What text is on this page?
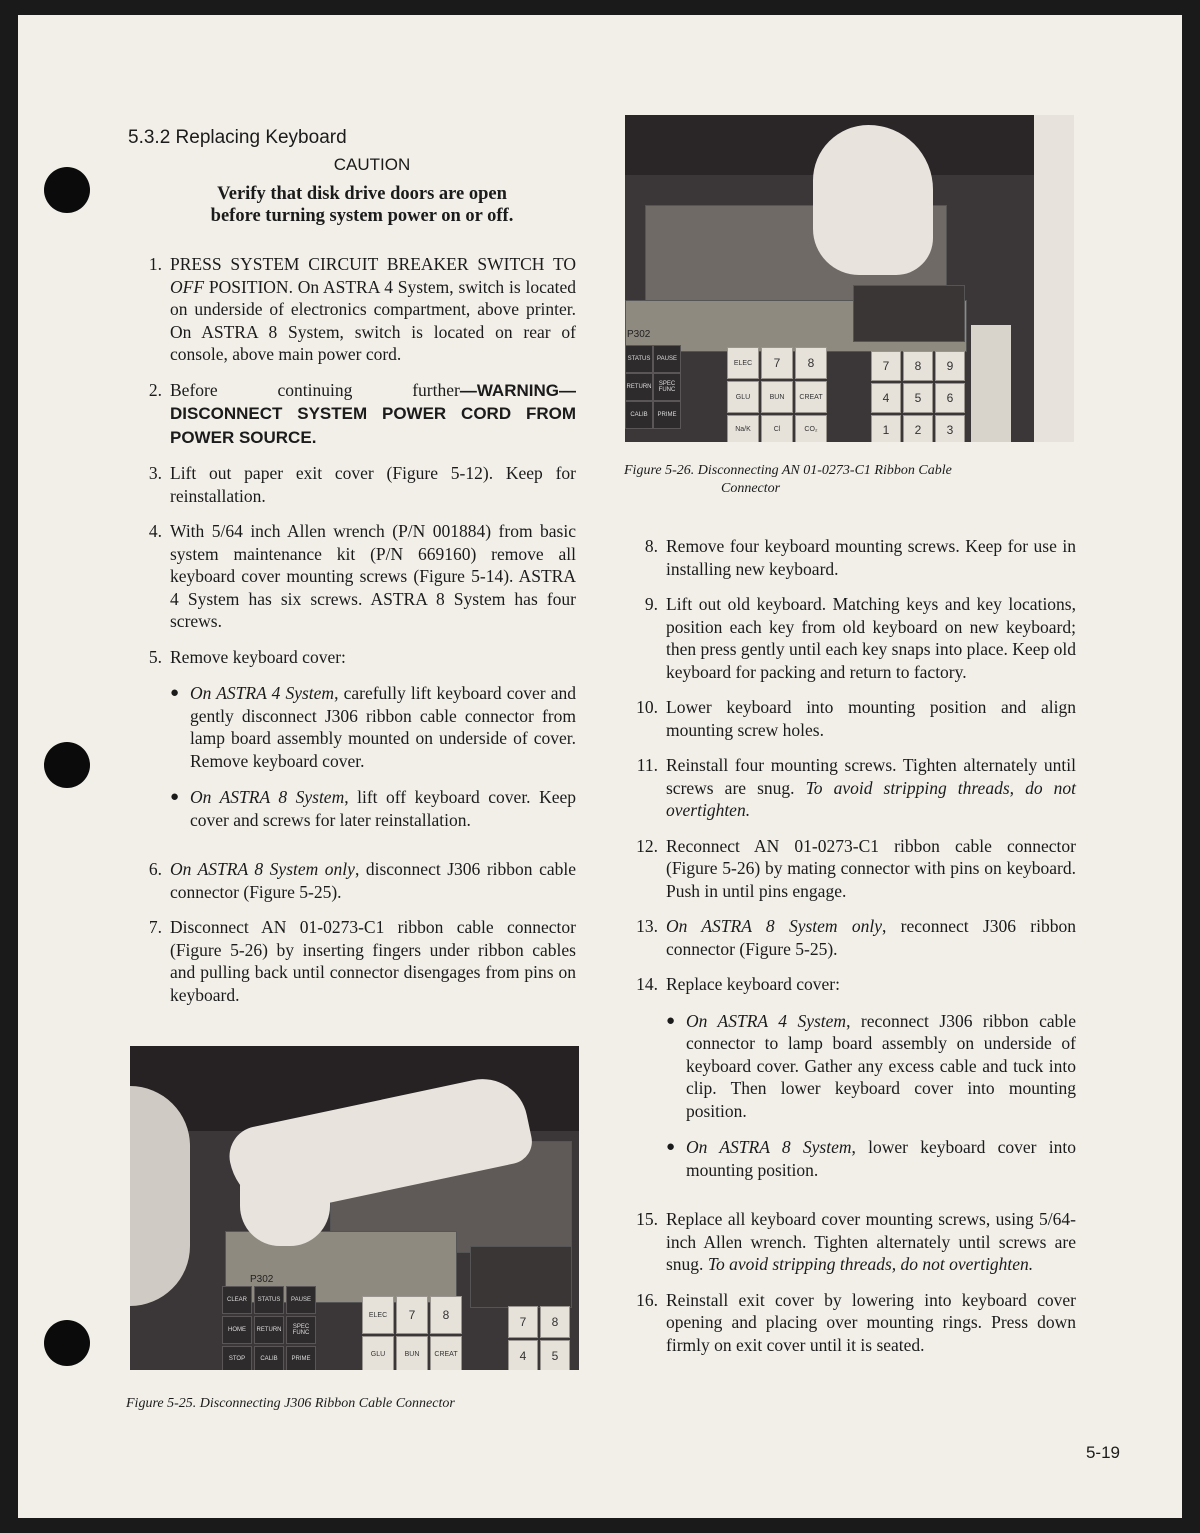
5.3.2 Replacing Keyboard
CAUTION
Verify that disk drive doors are open
before turning system power on or off.
1. PRESS SYSTEM CIRCUIT BREAKER SWITCH TO OFF POSITION. On ASTRA 4 System, switch is located on underside of electronics compartment, above printer. On ASTRA 8 System, switch is located on rear of console, above main power cord.
2. Before continuing further—WARNING—DISCONNECT SYSTEM POWER CORD FROM POWER SOURCE.
3. Lift out paper exit cover (Figure 5-12). Keep for reinstallation.
4. With 5/64 inch Allen wrench (P/N 001884) from basic system maintenance kit (P/N 669160) remove all keyboard cover mounting screws (Figure 5-14). ASTRA 4 System has six screws. ASTRA 8 System has four screws.
5. Remove keyboard cover:
● On ASTRA 4 System, carefully lift keyboard cover and gently disconnect J306 ribbon cable connector from lamp board assembly mounted on underside of cover. Remove keyboard cover.
● On ASTRA 8 System, lift off keyboard cover. Keep cover and screws for later reinstallation.
6. On ASTRA 8 System only, disconnect J306 ribbon cable connector (Figure 5-25).
7. Disconnect AN 01-0273-C1 ribbon cable connector (Figure 5-26) by inserting fingers under ribbon cables and pulling back until connector disengages from pins on keyboard.
P302
STATUS	PAUSE
RETURN	SPEC FUNC
CALIB	PRIME
ELEC	7	8
GLU	BUN	CREAT
Na/K	Cl	CO₂
7	8	9
4	5	6
1	2	3
Figure 5-26. Disconnecting AN 01-0273-C1 Ribbon Cable
Connector
8. Remove four keyboard mounting screws. Keep for use in installing new keyboard.
9. Lift out old keyboard. Matching keys and key locations, position each key from old keyboard on new keyboard; then press gently until each key snaps into place. Keep old keyboard for packing and return to factory.
10. Lower keyboard into mounting position and align mounting screw holes.
11. Reinstall four mounting screws. Tighten alternately until screws are snug. To avoid stripping threads, do not overtighten.
12. Reconnect AN 01-0273-C1 ribbon cable connector (Figure 5-26) by mating connector with pins on keyboard. Push in until pins engage.
13. On ASTRA 8 System only, reconnect J306 ribbon connector (Figure 5-25).
14. Replace keyboard cover:
● On ASTRA 4 System, reconnect J306 ribbon cable connector to lamp board assembly on underside of keyboard cover. Gather any excess cable and tuck into clip. Then lower keyboard cover into mounting position.
● On ASTRA 8 System, lower keyboard cover into mounting position.
15. Replace all keyboard cover mounting screws, using 5/64-inch Allen wrench. Tighten alternately until screws are snug. To avoid stripping threads, do not overtighten.
16. Reinstall exit cover by lowering into keyboard cover opening and placing over mounting rings. Press down firmly on exit cover until it is seated.
P302
CLEAR	STATUS	PAUSE
HOME	RETURN	SPEC FUNC
STOP	CALIB	PRIME
ELEC	7	8
GLU	BUN	CREAT
7	8
4	5
Figure 5-25. Disconnecting J306 Ribbon Cable Connector
5-19
